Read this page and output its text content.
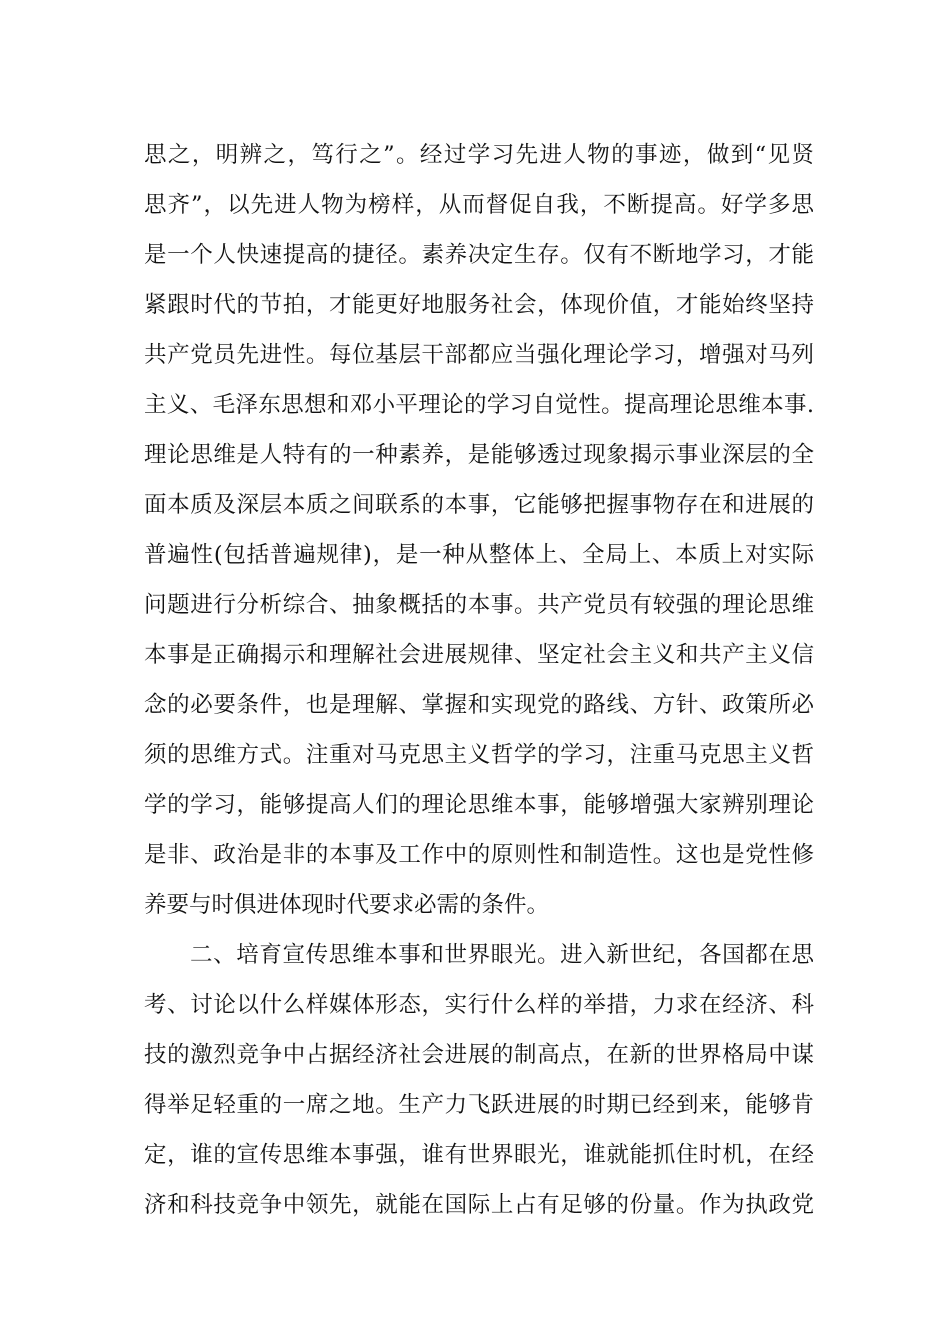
思之，明辨之，笃行之”。经过学习先进人物的事迹，做到“见贤
思齐”，以先进人物为榜样，从而督促自我，不断提高。好学多思
是一个人快速提高的捷径。素养决定生存。仅有不断地学习，才能
紧跟时代的节拍，才能更好地服务社会，体现价值，才能始终坚持
共产党员先进性。每位基层干部都应当强化理论学习，增强对马列
主义、毛泽东思想和邓小平理论的学习自觉性。提高理论思维本事.
理论思维是人特有的一种素养，是能够透过现象揭示事业深层的全
面本质及深层本质之间联系的本事，它能够把握事物存在和进展的
普遍性(包括普遍规律)，是一种从整体上、全局上、本质上对实际
问题进行分析综合、抽象概括的本事。共产党员有较强的理论思维
本事是正确揭示和理解社会进展规律、坚定社会主义和共产主义信
念的必要条件，也是理解、掌握和实现党的路线、方针、政策所必
须的思维方式。注重对马克思主义哲学的学习，注重马克思主义哲
学的学习，能够提高人们的理论思维本事，能够增强大家辨别理论
是非、政治是非的本事及工作中的原则性和制造性。这也是党性修
养要与时俱进体现时代要求必需的条件。
二、培育宣传思维本事和世界眼光。进入新世纪，各国都在思
考、讨论以什么样媒体形态，实行什么样的举措，力求在经济、科
技的激烈竞争中占据经济社会进展的制高点，在新的世界格局中谋
得举足轻重的一席之地。生产力飞跃进展的时期已经到来，能够肯
定，谁的宣传思维本事强，谁有世界眼光，谁就能抓住时机，在经
济和科技竞争中领先，就能在国际上占有足够的份量。作为执政党
